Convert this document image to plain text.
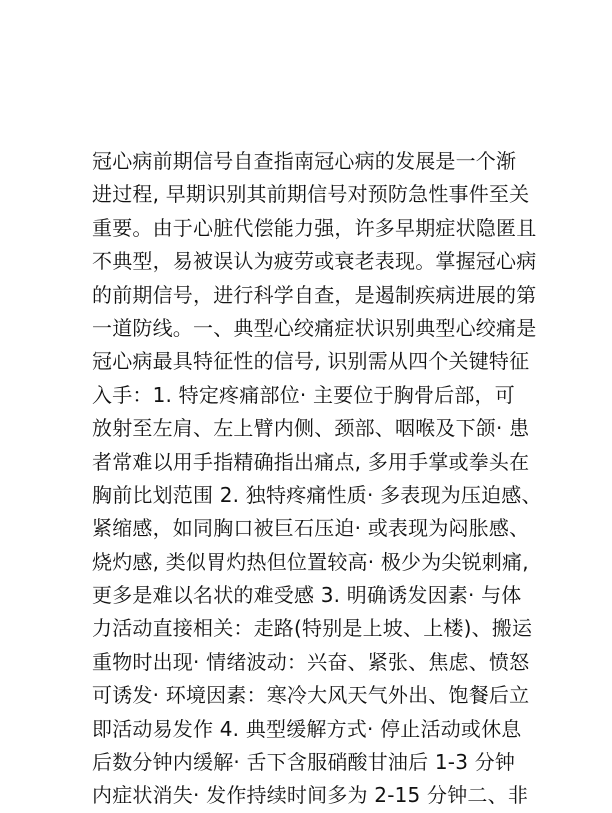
冠心病前期信号自查指南冠心病的发展是一个渐
进过程, 早期识别其前期信号对预防急性事件至关
重要。由于心脏代偿能力强，许多早期症状隐匿且
不典型，易被误认为疲劳或衰老表现。掌握冠心病
的前期信号，进行科学自查，是遏制疾病进展的第
一道防线。一、典型心绞痛症状识别典型心绞痛是
冠心病最具特征性的信号, 识别需从四个关键特征
入手：1. 特定疼痛部位· 主要位于胸骨后部，可
放射至左肩、左上臂内侧、颈部、咽喉及下颌· 患
者常难以用手指精确指出痛点, 多用手掌或拳头在
胸前比划范围 2. 独特疼痛性质· 多表现为压迫感、
紧缩感，如同胸口被巨石压迫· 或表现为闷胀感、
烧灼感, 类似胃灼热但位置较高· 极少为尖锐刺痛,
更多是难以名状的难受感 3. 明确诱发因素· 与体
力活动直接相关：走路(特别是上坡、上楼)、搬运
重物时出现· 情绪波动：兴奋、紧张、焦虑、愤怒
可诱发· 环境因素：寒冷大风天气外出、饱餐后立
即活动易发作 4. 典型缓解方式· 停止活动或休息
后数分钟内缓解· 舌下含服硝酸甘油后 1-3 分钟
内症状消失· 发作持续时间多为 2-15 分钟二、非
